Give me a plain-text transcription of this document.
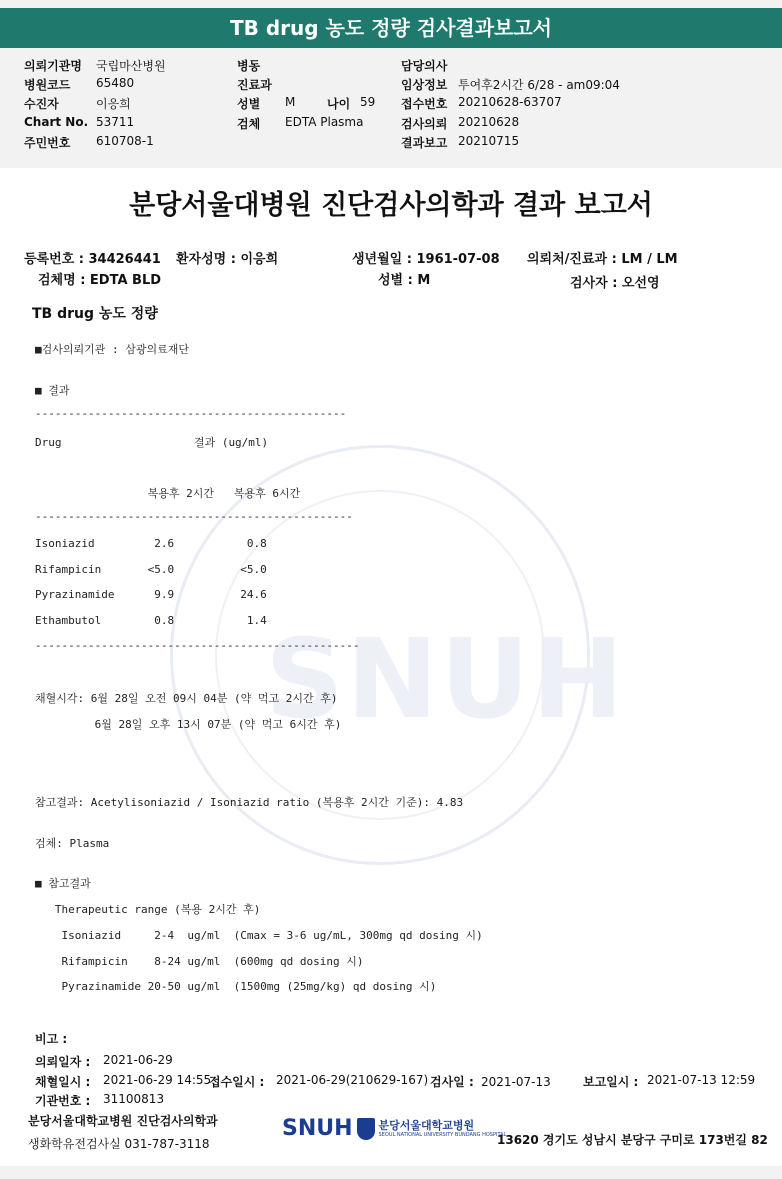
TB drug 농도 정량 검사결과보고서
의뢰기관명 국립마산병원
병원코드 65480
수진자	이응희
Chart No. 53711
주민번호 610708-1
병동
진료과
성별 M	나이 59
검체 EDTA Plasma
담당의사
임상정보 투여후2시간 6/28 - am09:04
접수번호 20210628-63707
검사의뢰 20210628
결과보고 20210715
SNUH
분당서울대병원 진단검사의학과 결과 보고서
등록번호 : 34426441 환자성명 : 이응희	생년월일 : 1961-07-08 의뢰처/진료과 : LM / LM
검체명 : EDTA BLD	성별 : M	검사자 : 오선영
TB drug 농도 정량
■검사의뢰기관 : 삼광의료재단
■ 결과
-----------------------------------------------
Drug                    결과 (ug/ml)
복용후 2시간   복용후 6시간
------------------------------------------------
Isoniazid         2.6           0.8
Rifampicin       <5.0          <5.0
Pyrazinamide      9.9          24.6
Ethambutol        0.8           1.4
-------------------------------------------------
채혈시각: 6월 28일 오전 09시 04분 (약 먹고 2시간 후)
6월 28일 오후 13시 07분 (약 먹고 6시간 후)
참고결과: Acetylisoniazid / Isoniazid ratio (복용후 2시간 기준): 4.83
검체: Plasma
■ 참고결과
Therapeutic range (복용 2시간 후)
Isoniazid     2-4  ug/ml  (Cmax = 3-6 ug/mL, 300mg qd dosing 시)
Rifampicin    8-24 ug/ml  (600mg qd dosing 시)
Pyrazinamide 20-50 ug/ml  (1500mg (25mg/kg) qd dosing 시)
비고 :
의뢰일자 : 2021-06-29
채혈일시 : 2021-06-29 14:55
접수일시 : 2021-06-29(210629-167) 검사일 : 2021-07-13	보고일시 : 2021-07-13 12:59
기관번호 : 31100813
분당서울대학교병원 진단검사의학과
생화학유전검사실 031-787-3118
SNUH 분당서울대학교병원
SEOUL NATIONAL UNIVERSITY BUNDANG HOSPITAL
13620 경기도 성남시 분당구 구미로 173번길 82
